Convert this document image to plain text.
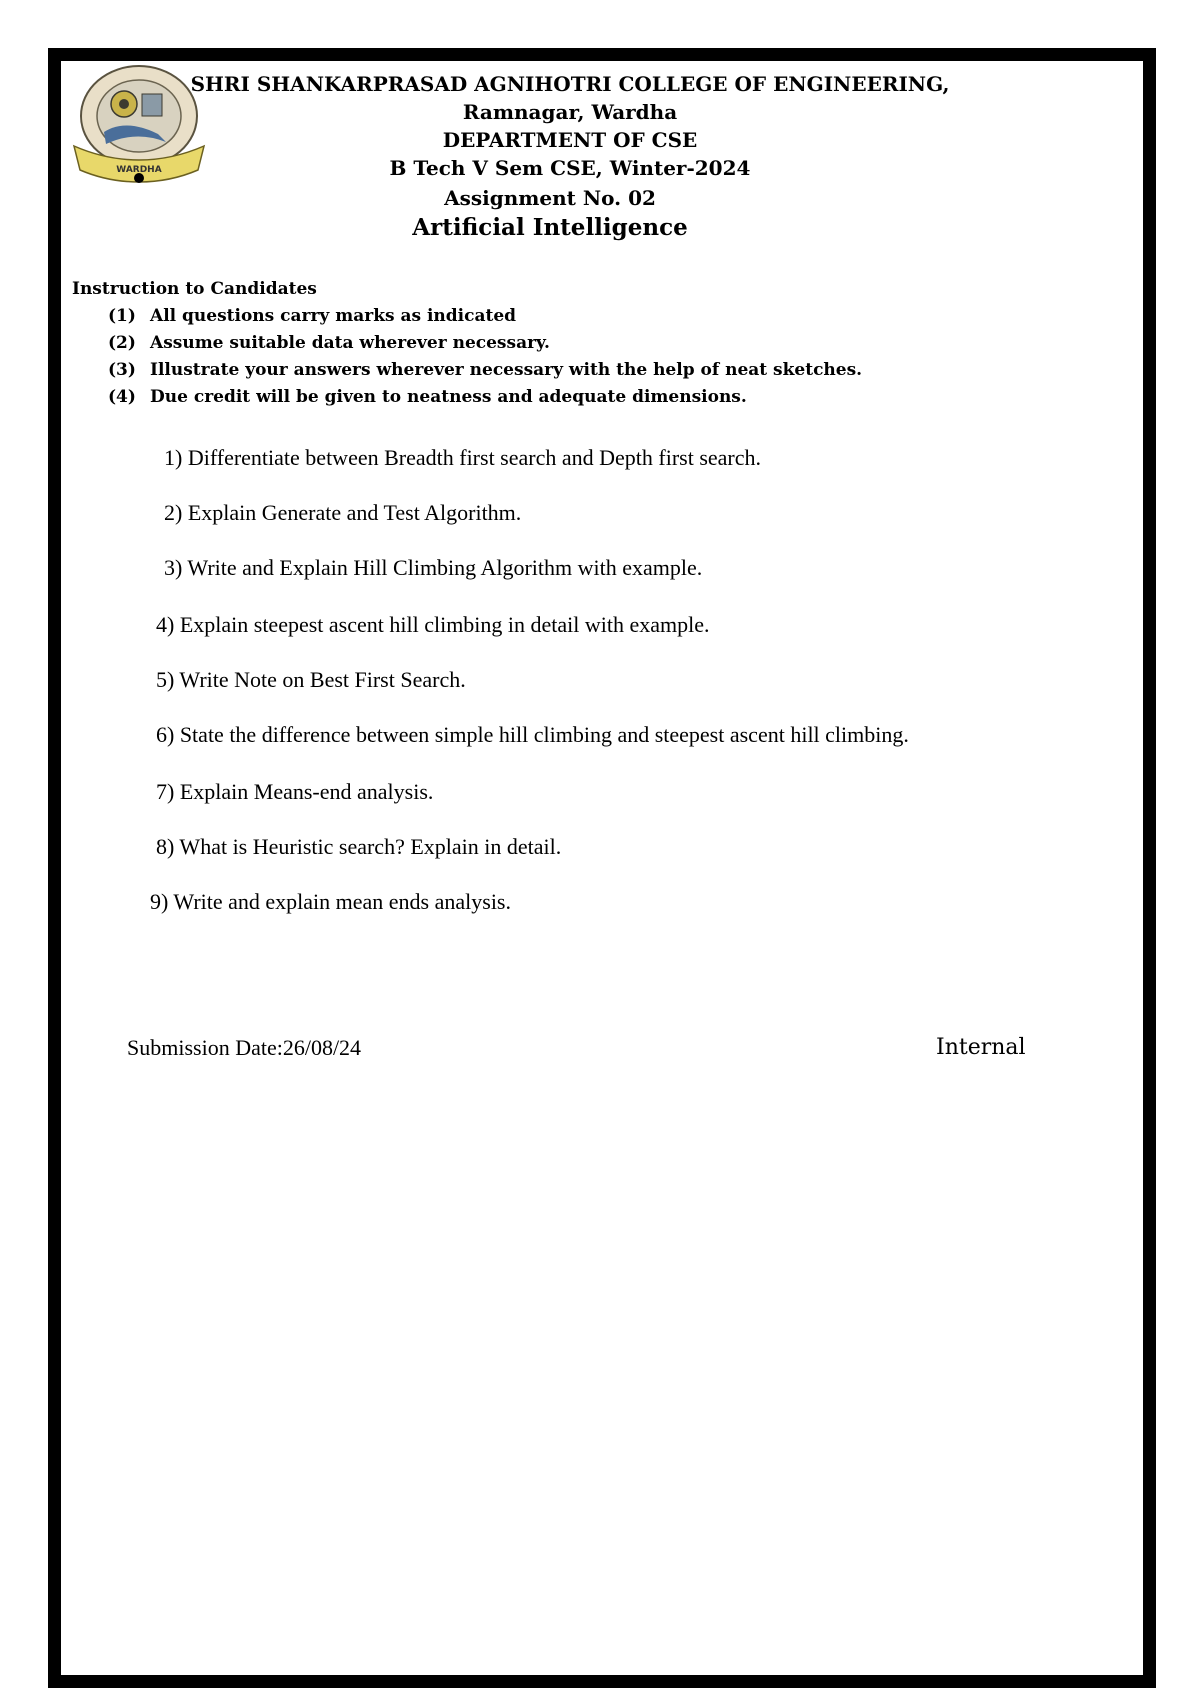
WARDHA
SHRI SHANKARPRASAD AGNIHOTRI COLLEGE OF ENGINEERING,
Ramnagar, Wardha
DEPARTMENT OF CSE
B Tech V Sem CSE, Winter-2024
Assignment No. 02
Artificial Intelligence
Instruction to Candidates
(1) All questions carry marks as indicated
(2) Assume suitable data wherever necessary.
(3) Illustrate your answers wherever necessary with the help of neat sketches.
(4) Due credit will be given to neatness and adequate dimensions.
1) Differentiate between Breadth first search and Depth first search.
2) Explain Generate and Test Algorithm.
3) Write and Explain Hill Climbing Algorithm with example.
4) Explain steepest ascent hill climbing in detail with example.
5) Write Note on Best First Search.
6) State the difference between simple hill climbing and steepest ascent hill climbing.
7) Explain Means-end analysis.
8) What is Heuristic search? Explain in detail.
9) Write and explain mean ends analysis.
Submission Date:26/08/24	Internal
